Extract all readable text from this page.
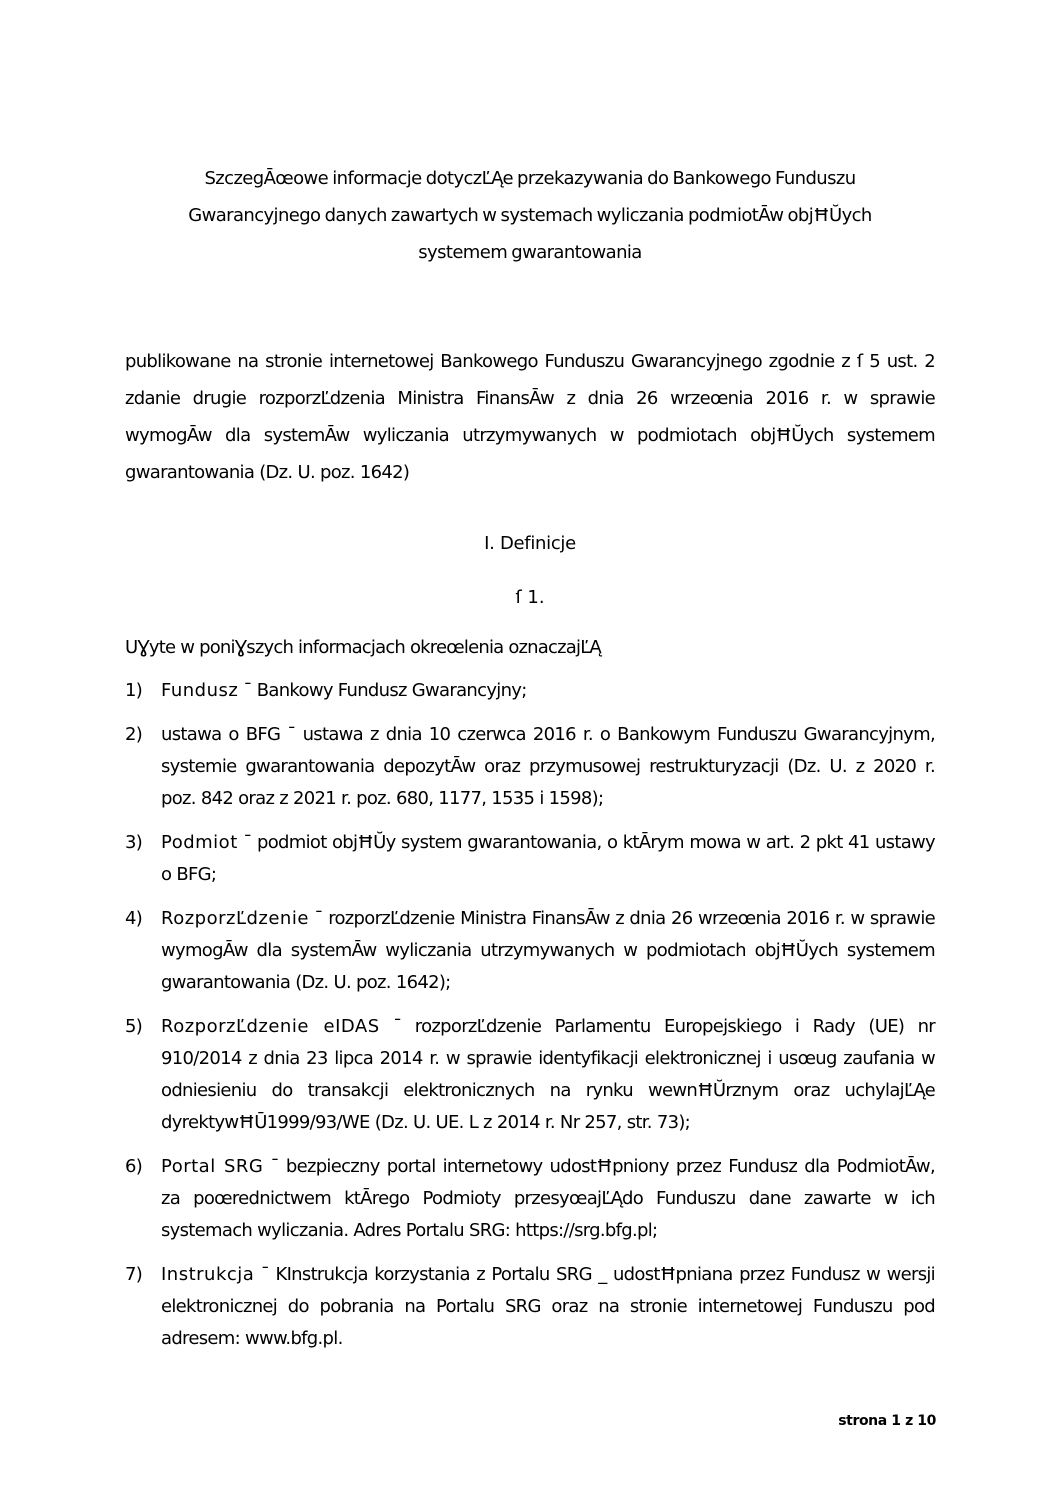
SzczegĀœowe informacje dotyczĽĄe przekazywania do Bankowego Funduszu
Gwarancyjnego danych zawartych w systemach wyliczania podmiotĀw objĦŬych
systemem gwarantowania
publikowane na stronie internetowej Bankowego Funduszu Gwarancyjnego zgodnie z ſ 5 ust. 2 zdanie drugie rozporzĽdzenia Ministra FinansĀw z dnia 26 wrzeœnia 2016 r. w sprawie wymogĀw dla systemĀw wyliczania utrzymywanych w podmiotach objĦŬych systemem gwarantowania (Dz. U. poz. 1642)
I. Definicje
ſ 1.
UƔyte w poniƔszych informacjach okreœlenia oznaczajĽĄ
1)	Fundusz ˉ Bankowy Fundusz Gwarancyjny;
2)	ustawa o BFG ˉ ustawa z dnia 10 czerwca 2016 r. o Bankowym Funduszu Gwarancyjnym, systemie gwarantowania depozytĀw oraz przymusowej restrukturyzacji (Dz. U. z 2020 r. poz. 842 oraz z 2021 r. poz. 680, 1177, 1535 i 1598);
3)	Podmiot ˉ podmiot objĦŬy system gwarantowania, o ktĀrym mowa w art. 2 pkt 41 ustawy o BFG;
4)	RozporzĽdzenie ˉ rozporzĽdzenie Ministra FinansĀw z dnia 26 wrzeœnia 2016 r. w sprawie wymogĀw dla systemĀw wyliczania utrzymywanych w podmiotach objĦŬych systemem gwarantowania (Dz. U. poz. 1642);
5)	RozporzĽdzenie eIDAS ˉ rozporzĽdzenie Parlamentu Europejskiego i Rady (UE) nr 910/2014 z dnia 23 lipca 2014 r. w sprawie identyfikacji elektronicznej i usœug zaufania w odniesieniu do transakcji elektronicznych na rynku wewnĦŬrznym oraz uchylajĽĄe dyrektywĦŪ1999/93/WE (Dz. U. UE. L z 2014 r. Nr 257, str. 73);
6)	Portal SRG ˉ bezpieczny portal internetowy udostĦpniony przez Fundusz dla PodmiotĀw, za poœrednictwem ktĀrego Podmioty przesyœajĽĄdo Funduszu dane zawarte w ich systemach wyliczania. Adres Portalu SRG: https://srg.bfg.pl;
7)	Instrukcja ˉ KInstrukcja korzystania z Portalu SRG _ udostĦpniana przez Fundusz w wersji elektronicznej do pobrania na Portalu SRG oraz na stronie internetowej Funduszu pod adresem: www.bfg.pl.
strona 1 z 10
